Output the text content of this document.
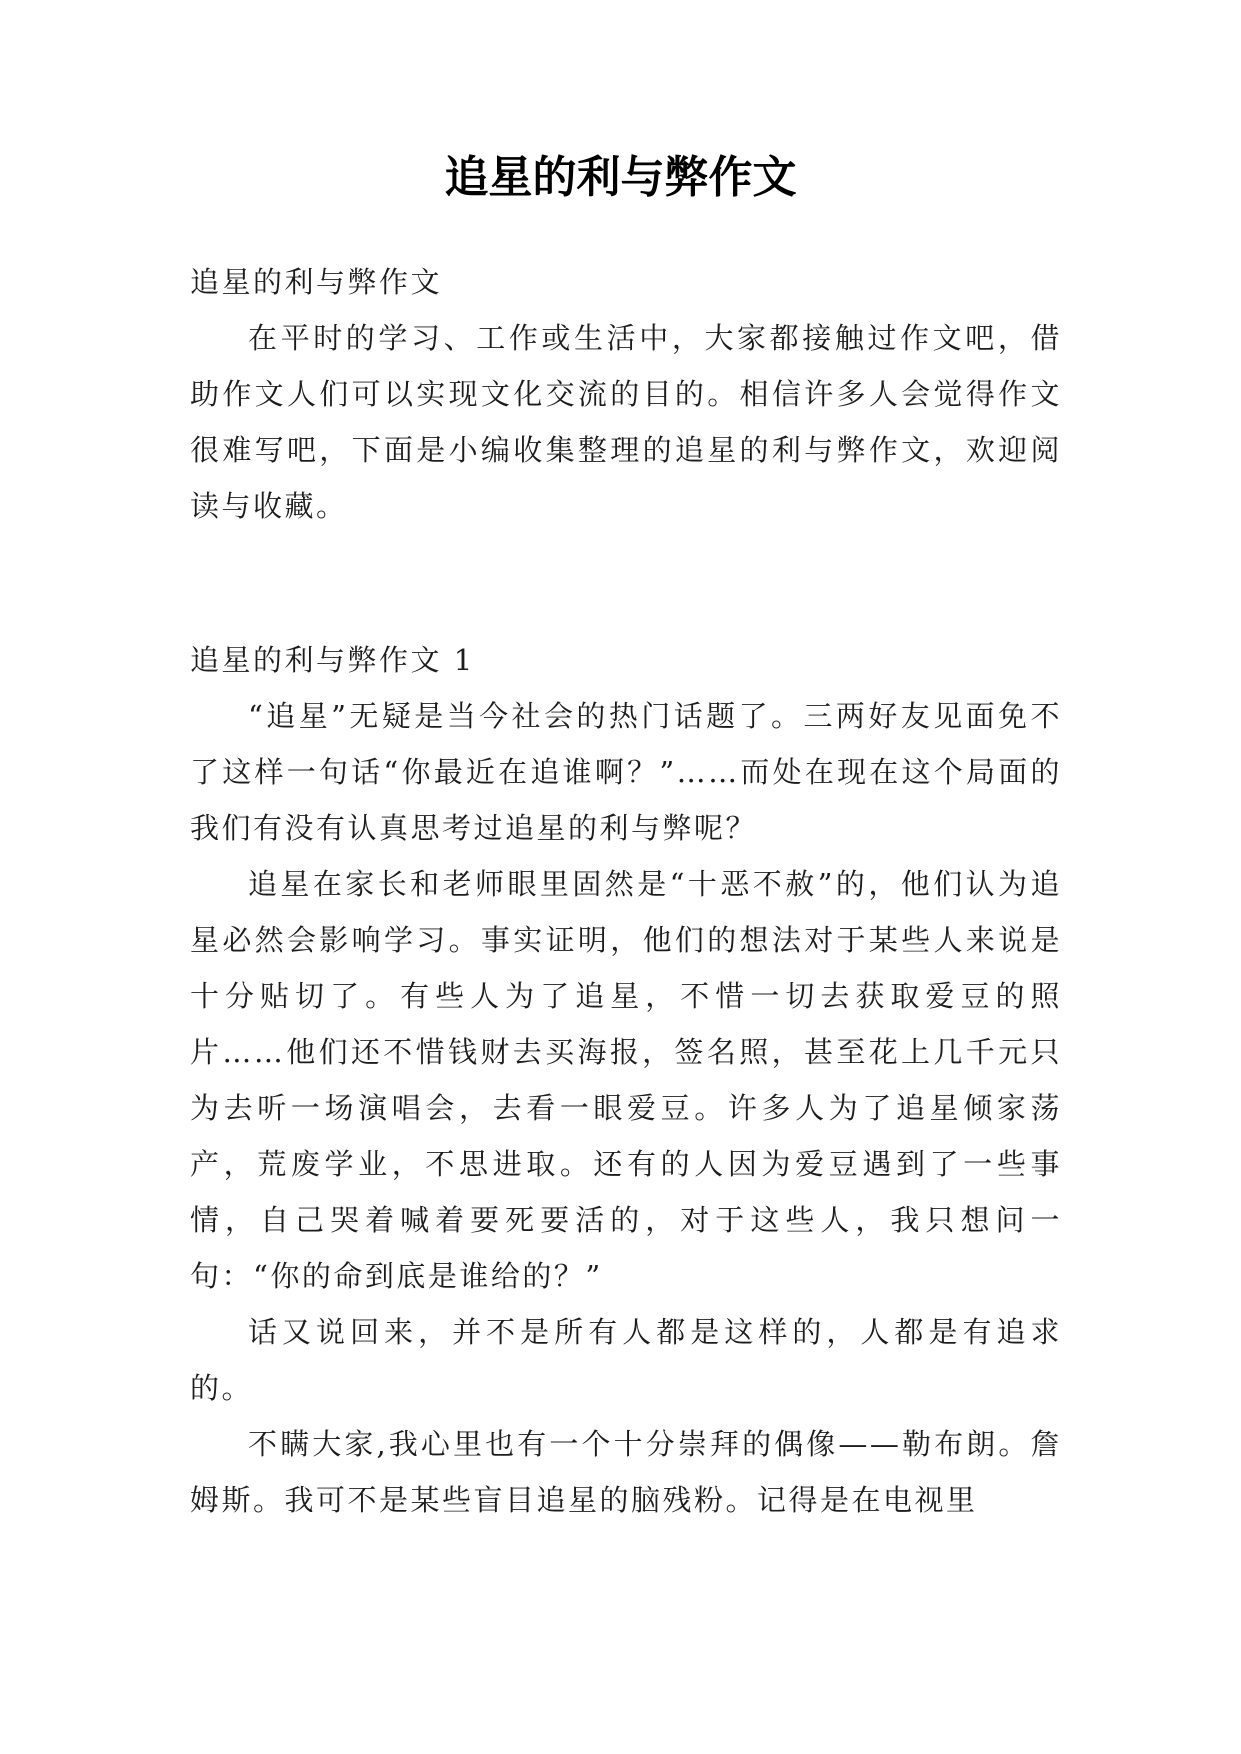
追星的利与弊作文

追星的利与弊作文

在平时的学习、工作或生活中，大家都接触过作文吧，借助作文人们可以实现文化交流的目的。相信许多人会觉得作文很难写吧，下面是小编收集整理的追星的利与弊作文，欢迎阅读与收藏。

追星的利与弊作文 1

“追星”无疑是当今社会的热门话题了。三两好友见面免不了这样一句话“你最近在追谁啊？”……而处在现在这个局面的我们有没有认真思考过追星的利与弊呢？

追星在家长和老师眼里固然是“十恶不赦”的，他们认为追星必然会影响学习。事实证明，他们的想法对于某些人来说是十分贴切了。有些人为了追星，不惜一切去获取爱豆的照片……他们还不惜钱财去买海报，签名照，甚至花上几千元只为去听一场演唱会，去看一眼爱豆。许多人为了追星倾家荡产，荒废学业，不思进取。还有的人因为爱豆遇到了一些事情，自己哭着喊着要死要活的，对于这些人，我只想问一句：“你的命到底是谁给的？”

话又说回来，并不是所有人都是这样的，人都是有追求的。

不瞒大家,我心里也有一个十分崇拜的偶像——勒布朗。詹姆斯。我可不是某些盲目追星的脑残粉。记得是在电视里
